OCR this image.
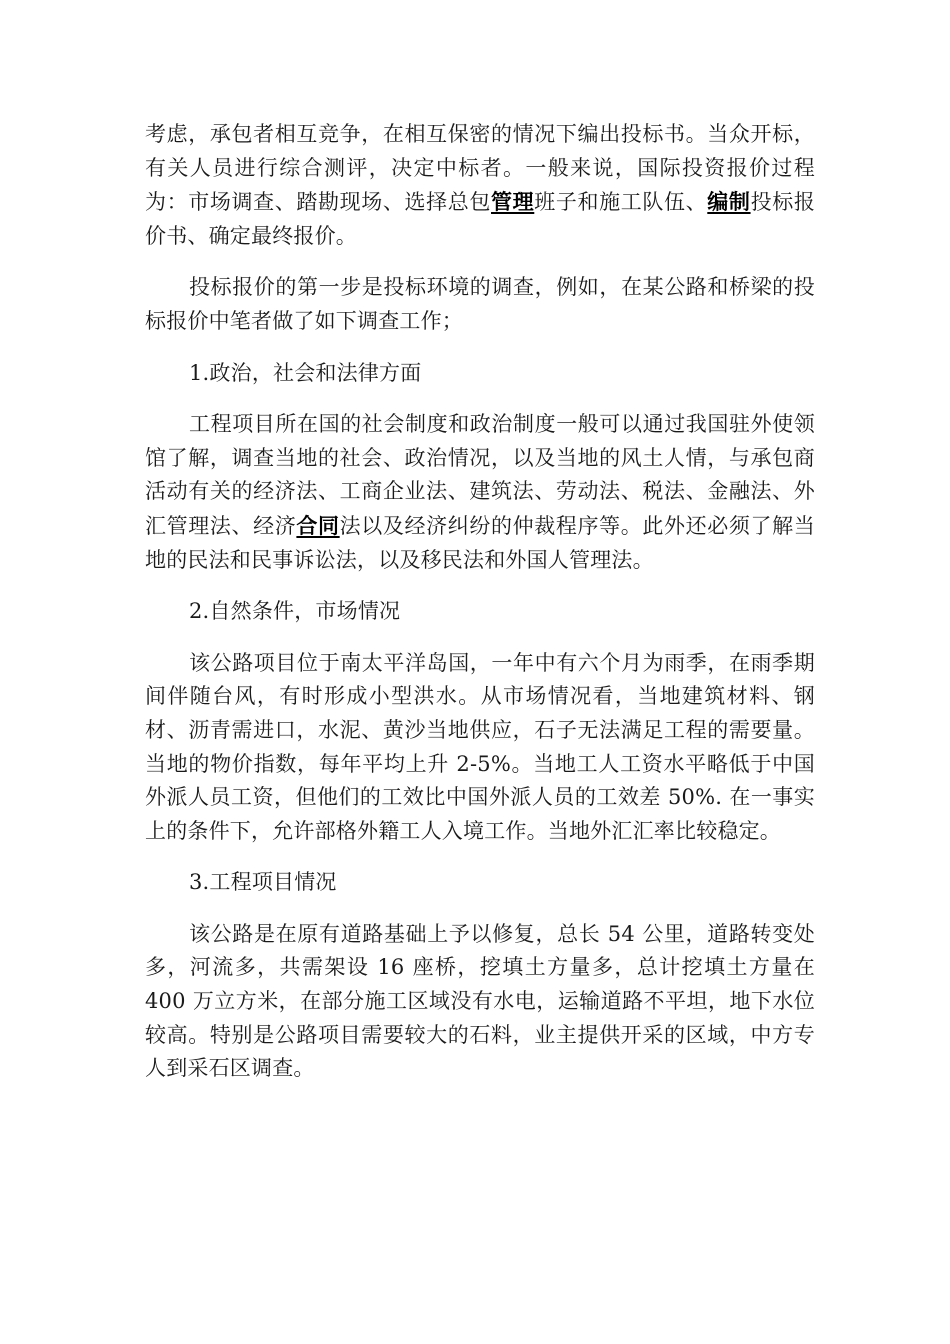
考虑，承包者相互竞争，在相互保密的情况下编出投标书。当众开标，有关人员进行综合测评，决定中标者。一般来说，国际投资报价过程为：市场调查、踏勘现场、选择总包管理班子和施工队伍、编制投标报价书、确定最终报价。

投标报价的第一步是投标环境的调查，例如，在某公路和桥梁的投标报价中笔者做了如下调查工作；

1.政治，社会和法律方面

工程项目所在国的社会制度和政治制度一般可以通过我国驻外使领馆了解，调查当地的社会、政治情况，以及当地的风土人情，与承包商活动有关的经济法、工商企业法、建筑法、劳动法、税法、金融法、外汇管理法、经济合同法以及经济纠纷的仲裁程序等。此外还必须了解当地的民法和民事诉讼法，以及移民法和外国人管理法。

2.自然条件，市场情况

该公路项目位于南太平洋岛国，一年中有六个月为雨季，在雨季期间伴随台风，有时形成小型洪水。从市场情况看，当地建筑材料、钢材、沥青需进口，水泥、黄沙当地供应，石子无法满足工程的需要量。当地的物价指数，每年平均上升 2-5%。当地工人工资水平略低于中国外派人员工资，但他们的工效比中国外派人员的工效差 50%. 在一事实上的条件下，允许部格外籍工人入境工作。当地外汇汇率比较稳定。

3.工程项目情况

该公路是在原有道路基础上予以修复，总长 54 公里，道路转变处多，河流多，共需架设 16 座桥，挖填土方量多，总计挖填土方量在 400 万立方米，在部分施工区域没有水电，运输道路不平坦，地下水位较高。特别是公路项目需要较大的石料，业主提供开采的区域，中方专人到采石区调查。
